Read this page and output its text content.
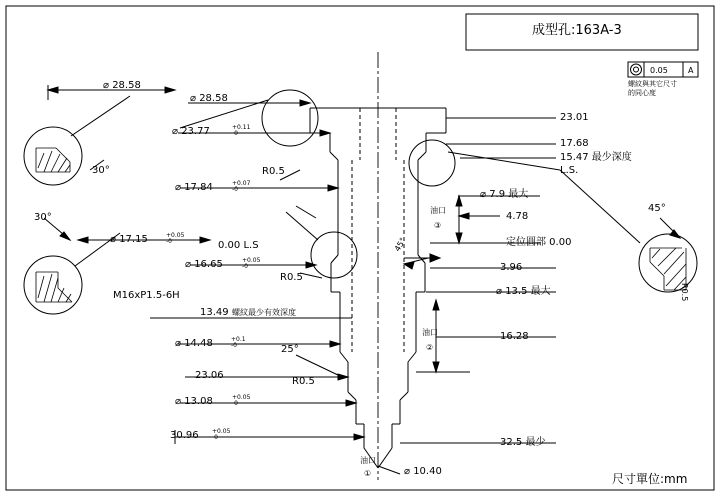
成型孔:163A-3
0.05	A
螺紋與其它尺寸
的同心度
⌀ 28.58
⌀ 28.58
⌀ 23.77	+0.11
-0
⌀ 17.84	+0.07
-0
⌀ 17.15	+0.05
-0
⌀ 16.65	+0.05
-0
M16xP1.5-6H
螺紋最少有效深度
13.49
⌀ 14.48	+0.1
-0
23.06
⌀ 13.08	+0.05
-0
30.96 +0.05
-0
23.01
17.68
15.47 最少深度
L.S.
⌀ 7.9 最大
4.78
定位圓部 0.00
3.96
⌀ 13.5 最大
16.28
32.5 最少
R0.5
R0.5
R0.5
R0.5
0.00 L.S
30°
30°
45°
45°
25°
⌀ 10.40
油口
③
油口
②
油口
①	尺寸單位:mm
